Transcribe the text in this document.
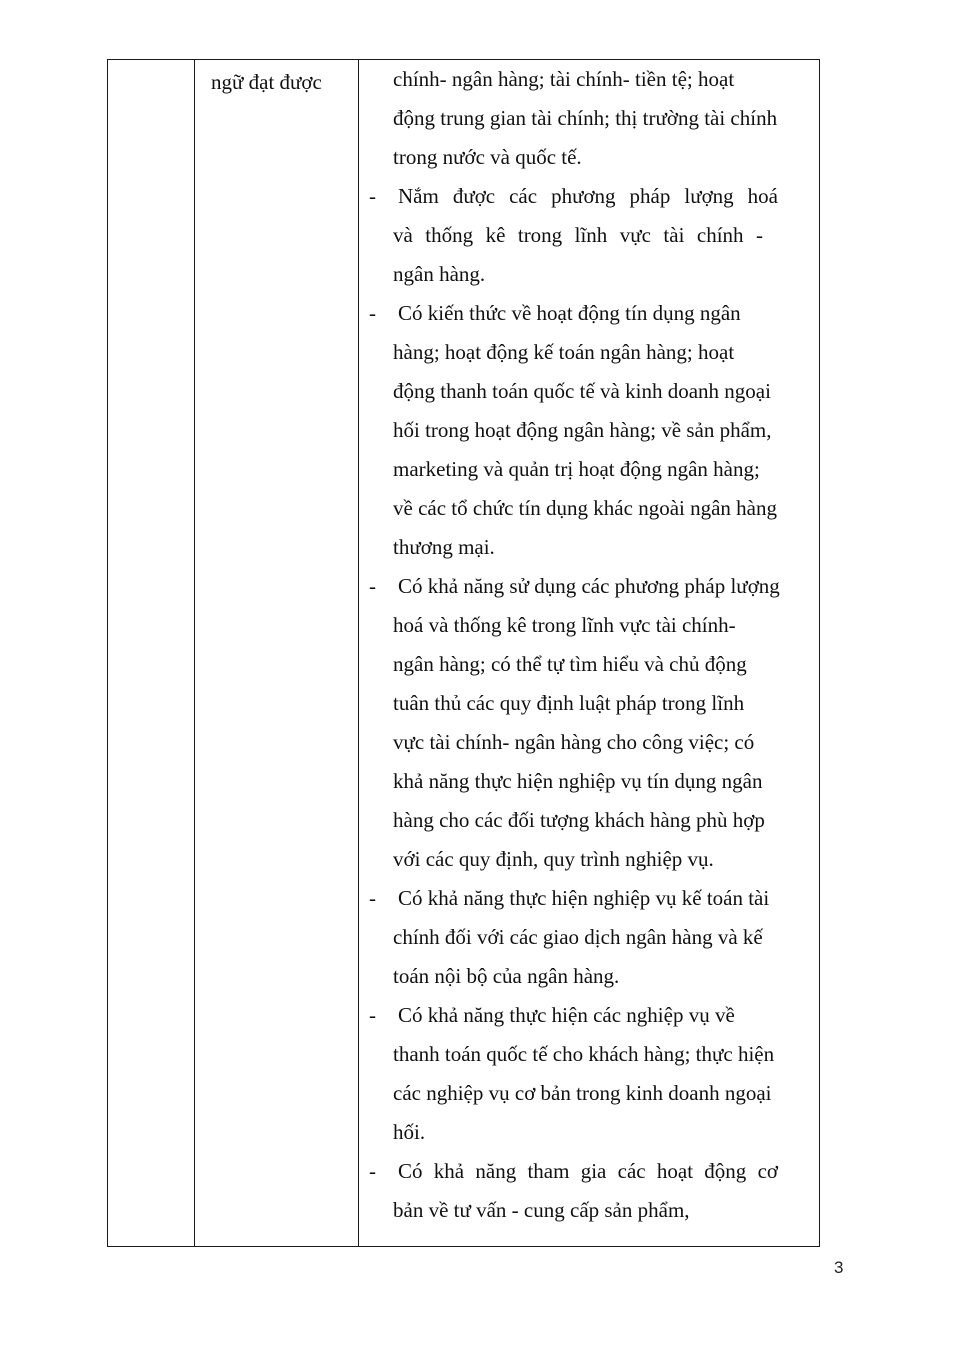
ngữ đạt được	chính- ngân hàng; tài chính- tiền tệ; hoạt
động trung gian tài chính; thị trường tài chính
trong nước và quốc tế.
- Nắm được các phương pháp lượng hoá
và thống kê trong lĩnh vực tài chính -
ngân hàng.
- Có kiến thức về hoạt động tín dụng ngân
hàng; hoạt động kế toán ngân hàng; hoạt
động thanh toán quốc tế và kinh doanh ngoại
hối trong hoạt động ngân hàng; về sản phẩm,
marketing và quản trị hoạt động ngân hàng;
về các tổ chức tín dụng khác ngoài ngân hàng
thương mại.
- Có khả năng sử dụng các phương pháp lượng
hoá và thống kê trong lĩnh vực tài chính-
ngân hàng; có thể tự tìm hiểu và chủ động
tuân thủ các quy định luật pháp trong lĩnh
vực tài chính- ngân hàng cho công việc; có
khả năng thực hiện nghiệp vụ tín dụng ngân
hàng cho các đối tượng khách hàng phù hợp
với các quy định, quy trình nghiệp vụ.
- Có khả năng thực hiện nghiệp vụ kế toán tài
chính đối với các giao dịch ngân hàng và kế
toán nội bộ của ngân hàng.
- Có khả năng thực hiện các nghiệp vụ về
thanh toán quốc tế cho khách hàng; thực hiện
các nghiệp vụ cơ bản trong kinh doanh ngoại
hối.
- Có khả năng tham gia các hoạt động cơ
bản về tư vấn - cung cấp sản phẩm,
3
